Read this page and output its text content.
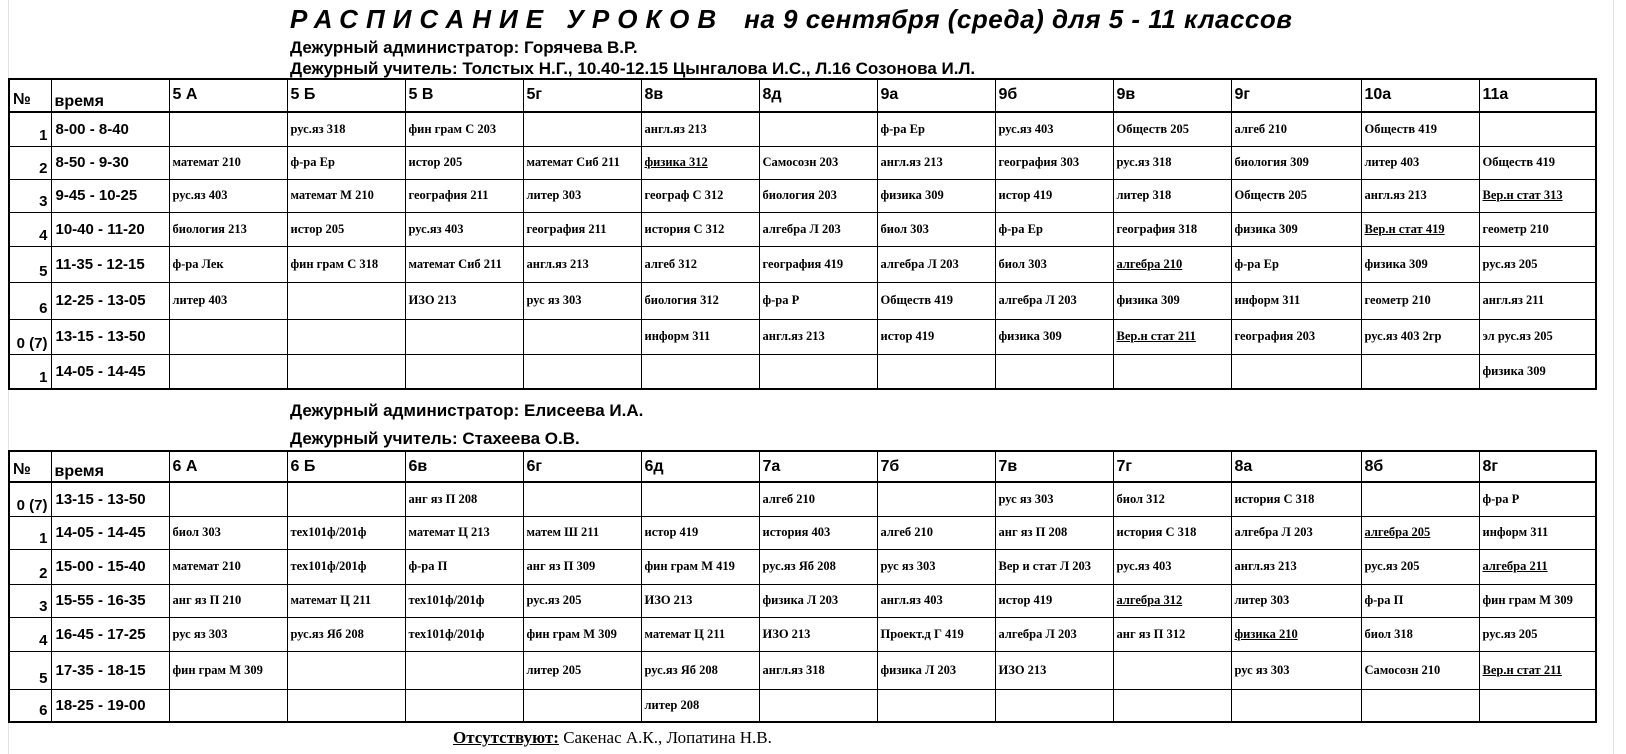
РАСПИСАНИЕ УРОКОВ на 9 сентября (среда) для 5 - 11 классов
Дежурный администратор: Горячева В.Р.
Дежурный учитель: Толстых Н.Г., 10.40-12.15 Цынгалова И.С., Л.16 Созонова И.Л.
№	время	5 А	5 Б	5 В	5г	8в	8д	9а	9б	9в	9г	10а	11а
1	8-00 - 8-40		рус.яз 318	фин грам С 203		англ.яз 213		ф-ра Ер	рус.яз 403	Обществ 205	алгеб 210	Обществ 419	
2	8-50 - 9-30	математ 210	ф-ра Ер	истор 205	математ Сиб 211	физика 312	Самосозн 203	англ.яз 213	география 303	рус.яз 318	биология 309	литер 403	Обществ 419
3	9-45 - 10-25	рус.яз 403	математ М 210	география 211	литер 303	географ С 312	биология 203	физика 309	истор 419	литер 318	Обществ 205	англ.яз 213	Вер.н стат 313
4	10-40 - 11-20	биология 213	истор 205	рус.яз 403	география 211	история С 312	алгебра Л 203	биол 303	ф-ра Ер	география 318	физика 309	Вер.н стат 419	геометр 210
5	11-35 - 12-15	ф-ра Лек	фин грам С 318	математ Сиб 211	англ.яз 213	алгеб 312	география 419	алгебра Л 203	биол 303	алгебра 210	ф-ра Ер	физика 309	рус.яз 205
6	12-25 - 13-05	литер 403		ИЗО 213	рус яз 303	биология 312	ф-ра Р	Обществ 419	алгебра Л 203	физика 309	информ 311	геометр 210	англ.яз 211
0 (7)	13-15 - 13-50					информ 311	англ.яз 213	истор 419	физика 309	Вер.н стат 211	география 203	рус.яз 403 2гр	эл рус.яз 205
1	14-05 - 14-45												физика 309
Дежурный администратор: Елисеева И.А.
Дежурный учитель: Стахеева О.В.
№	время	6 А	6 Б	6в	6г	6д	7а	7б	7в	7г	8а	8б	8г
0 (7)	13-15 - 13-50			анг яз П 208			алгеб 210		рус яз 303	биол 312	история С 318		ф-ра Р
1	14-05 - 14-45	биол 303	тех101ф/201ф	математ Ц 213	матем Ш 211	истор 419	история 403	алгеб 210	анг яз П 208	история С 318	алгебра Л 203	алгебра 205	информ 311
2	15-00 - 15-40	математ 210	тех101ф/201ф	ф-ра П	анг яз П 309	фин грам М 419	рус.яз Яб 208	рус яз 303	Вер и стат Л 203	рус.яз 403	англ.яз 213	рус.яз 205	алгебра 211
3	15-55 - 16-35	анг яз П 210	математ Ц 211	тех101ф/201ф	рус.яз 205	ИЗО 213	физика Л 203	англ.яз 403	истор 419	алгебра 312	литер 303	ф-ра П	фин грам М 309
4	16-45 - 17-25	рус яз 303	рус.яз Яб 208	тех101ф/201ф	фин грам М 309	математ Ц 211	ИЗО 213	Проект.д Г 419	алгебра Л 203	анг яз П 312	физика 210	биол 318	рус.яз 205
5	17-35 - 18-15	фин грам М 309			литер 205	рус.яз Яб 208	англ.яз 318	физика Л 203	ИЗО 213		рус яз 303	Самосозн 210	Вер.н стат 211
6	18-25 - 19-00					литер 208							
Отсутствуют: Сакенас А.К., Лопатина Н.В.
